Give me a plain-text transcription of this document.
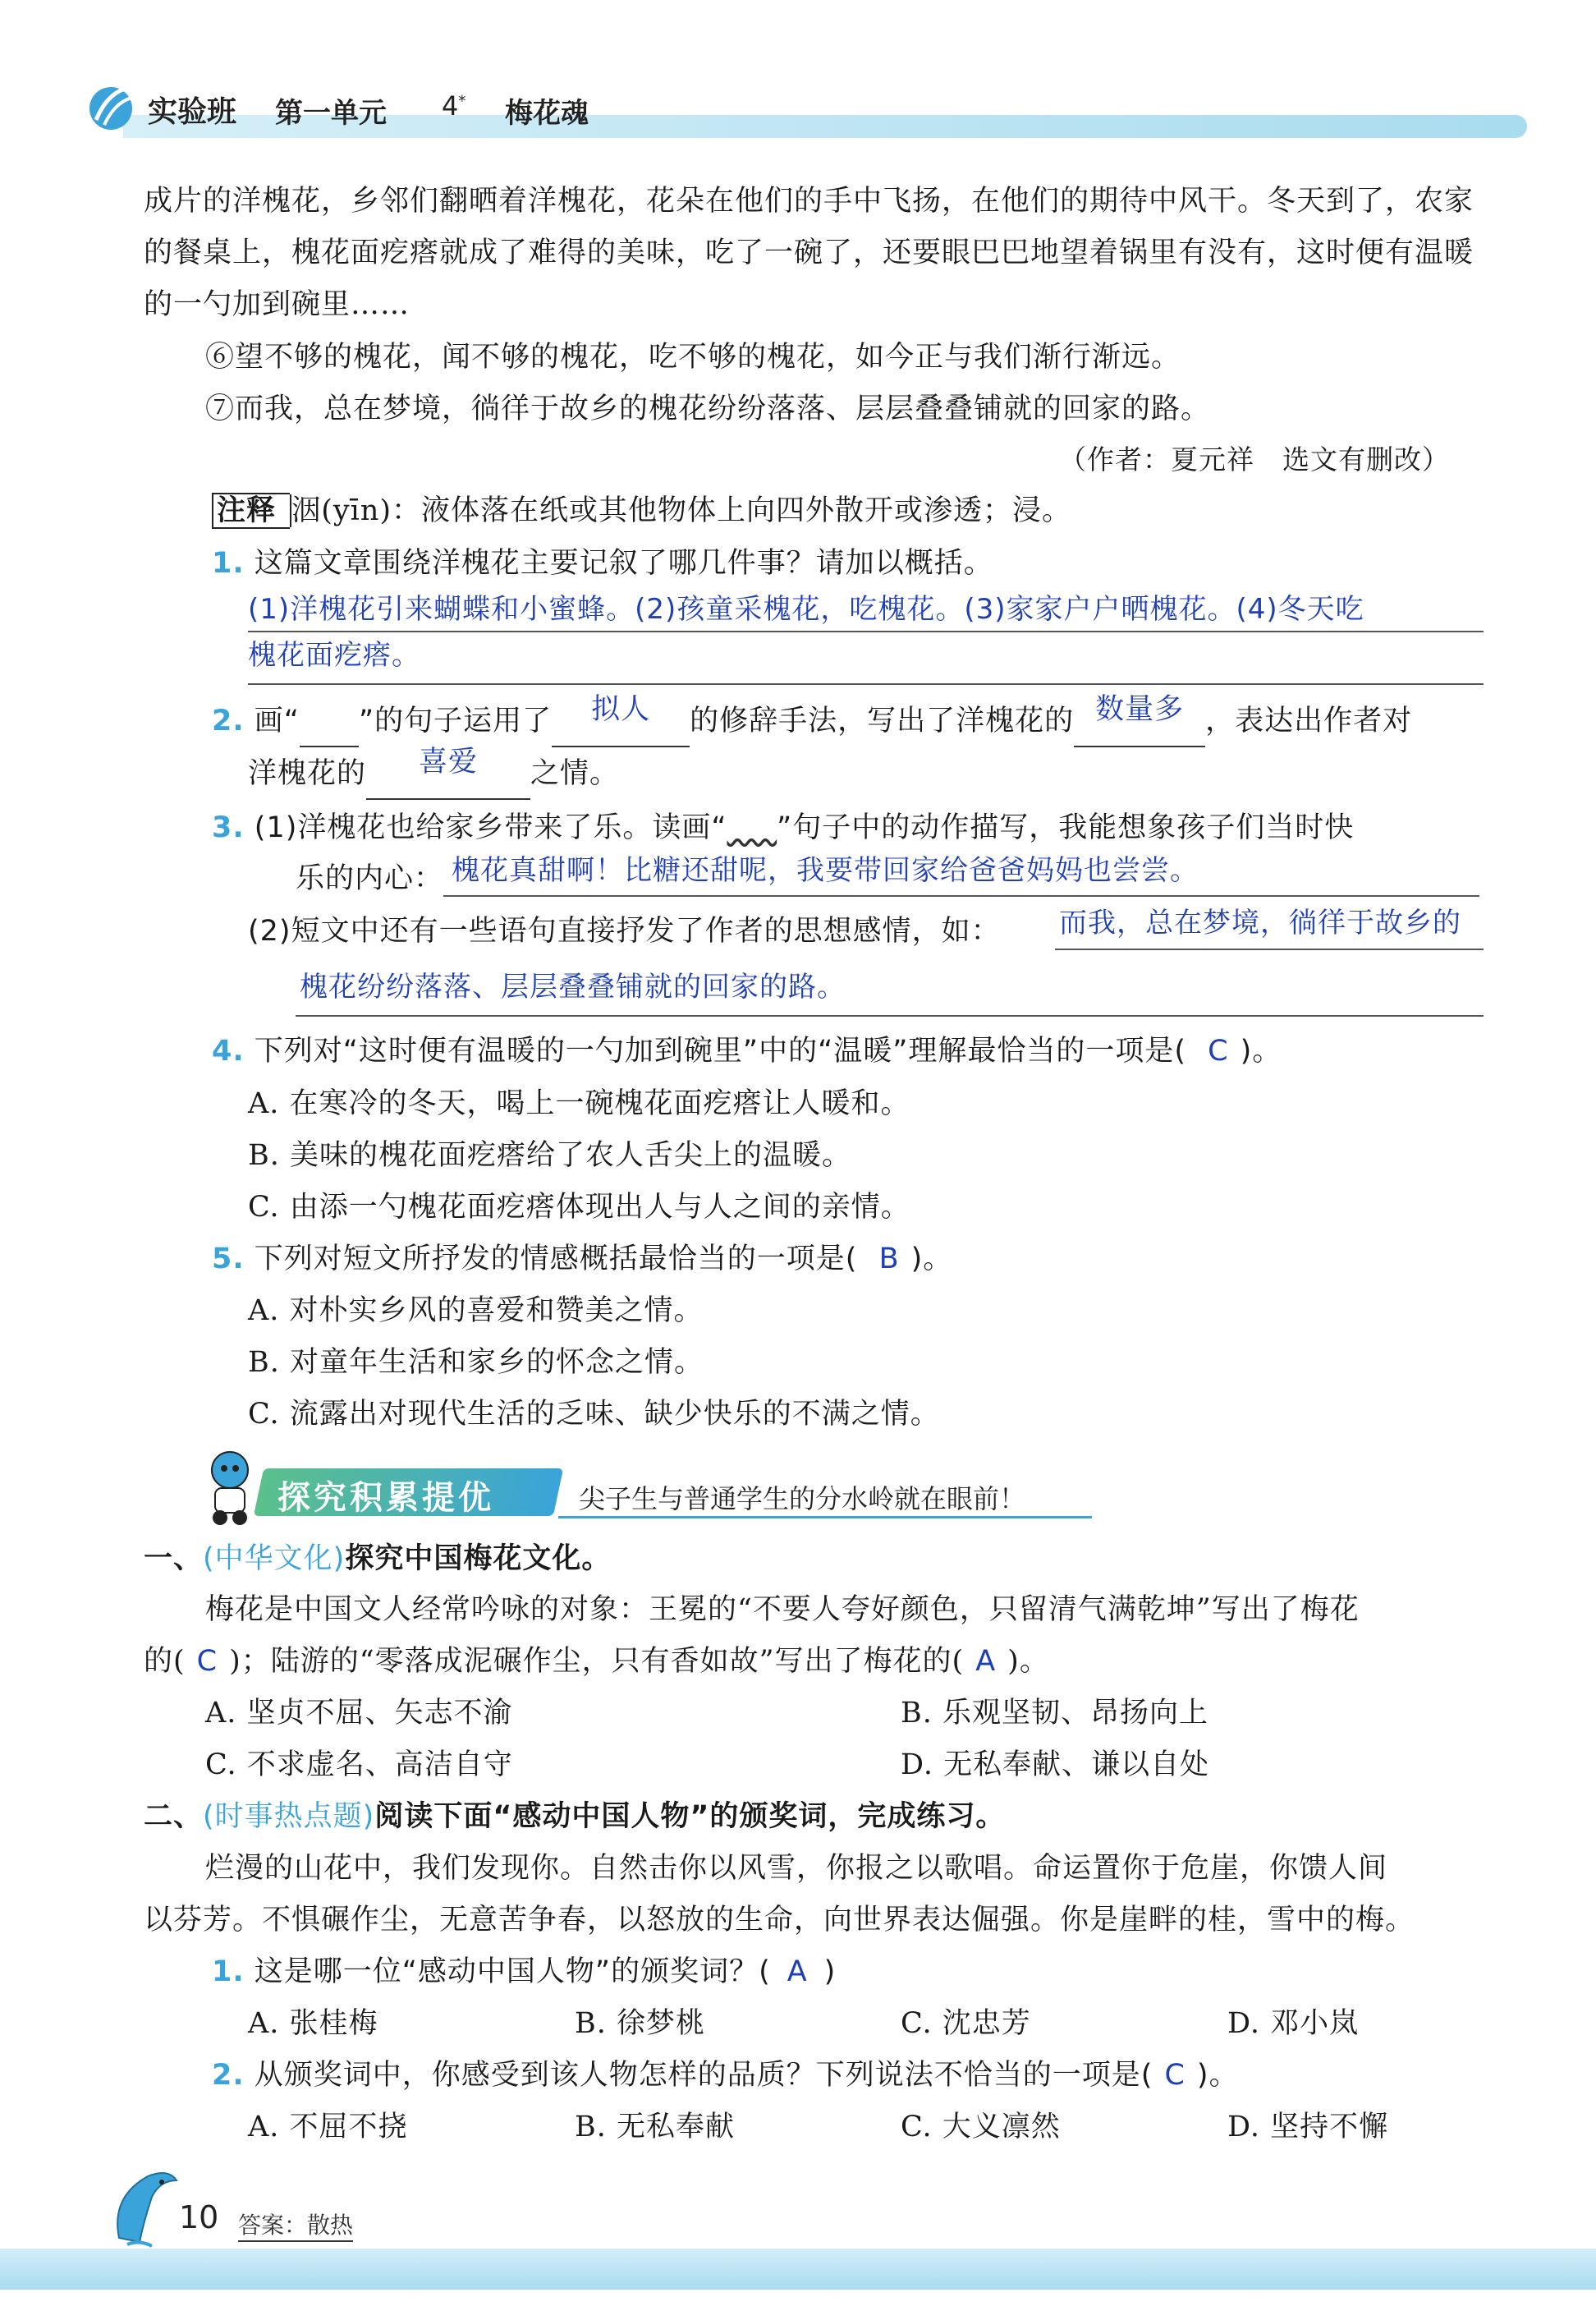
实验班 第一单元 4* 梅花魂
成片的洋槐花，乡邻们翻晒着洋槐花，花朵在他们的手中飞扬，在他们的期待中风干。冬天到了，农家
的餐桌上，槐花面疙瘩就成了难得的美味，吃了一碗了，还要眼巴巴地望着锅里有没有，这时便有温暖
的一勺加到碗里……
⑥望不够的槐花，闻不够的槐花，吃不够的槐花，如今正与我们渐行渐远。
⑦而我，总在梦境，徜徉于故乡的槐花纷纷落落、层层叠叠铺就的回家的路。
（作者：夏元祥　选文有删改）
注释 洇(yīn)：液体落在纸或其他物体上向四外散开或渗透；浸。
1. 这篇文章围绕洋槐花主要记叙了哪几件事？请加以概括。
(1)洋槐花引来蝴蝶和小蜜蜂。(2)孩童采槐花，吃槐花。(3)家家户户晒槐花。(4)冬天吃
槐花面疙瘩。
2. 画“ ”的句子运用了	拟人	的修辞手法，写出了洋槐花的 数量多 ，表达出作者对
洋槐花的	喜爱	之情。
3. (1)洋槐花也给家乡带来了乐。读画“ ”句子中的动作描写，我能想象孩子们当时快
乐的内心： 槐花真甜啊！比糖还甜呢，我要带回家给爸爸妈妈也尝尝。
(2)短文中还有一些语句直接抒发了作者的思想感情，如： 而我，总在梦境，徜徉于故乡的
槐花纷纷落落、层层叠叠铺就的回家的路。
4. 下列对“这时便有温暖的一勺加到碗里”中的“温暖”理解最恰当的一项是( C )。
A. 在寒冷的冬天，喝上一碗槐花面疙瘩让人暖和。
B. 美味的槐花面疙瘩给了农人舌尖上的温暖。
C. 由添一勺槐花面疙瘩体现出人与人之间的亲情。
5. 下列对短文所抒发的情感概括最恰当的一项是( B )。
A. 对朴实乡风的喜爱和赞美之情。
B. 对童年生活和家乡的怀念之情。
C. 流露出对现代生活的乏味、缺少快乐的不满之情。
探究积累提优	尖子生与普通学生的分水岭就在眼前！
一、(中华文化)探究中国梅花文化。
梅花是中国文人经常吟咏的对象：王冕的“不要人夸好颜色，只留清气满乾坤”写出了梅花
的( C )；陆游的“零落成泥碾作尘，只有香如故”写出了梅花的( A )。
A. 坚贞不屈、矢志不渝	B. 乐观坚韧、昂扬向上
C. 不求虚名、高洁自守	D. 无私奉献、谦以自处
二、(时事热点题)阅读下面“感动中国人物”的颁奖词，完成练习。
烂漫的山花中，我们发现你。自然击你以风雪，你报之以歌唱。命运置你于危崖，你馈人间
以芬芳。不惧碾作尘，无意苦争春，以怒放的生命，向世界表达倔强。你是崖畔的桂，雪中的梅。
1. 这是哪一位“感动中国人物”的颁奖词？( A )
A. 张桂梅	B. 徐梦桃	C. 沈忠芳	D. 邓小岚
2. 从颁奖词中，你感受到该人物怎样的品质？下列说法不恰当的一项是( C )。
A. 不屈不挠	B. 无私奉献	C. 大义凛然	D. 坚持不懈
10 答案：散热
